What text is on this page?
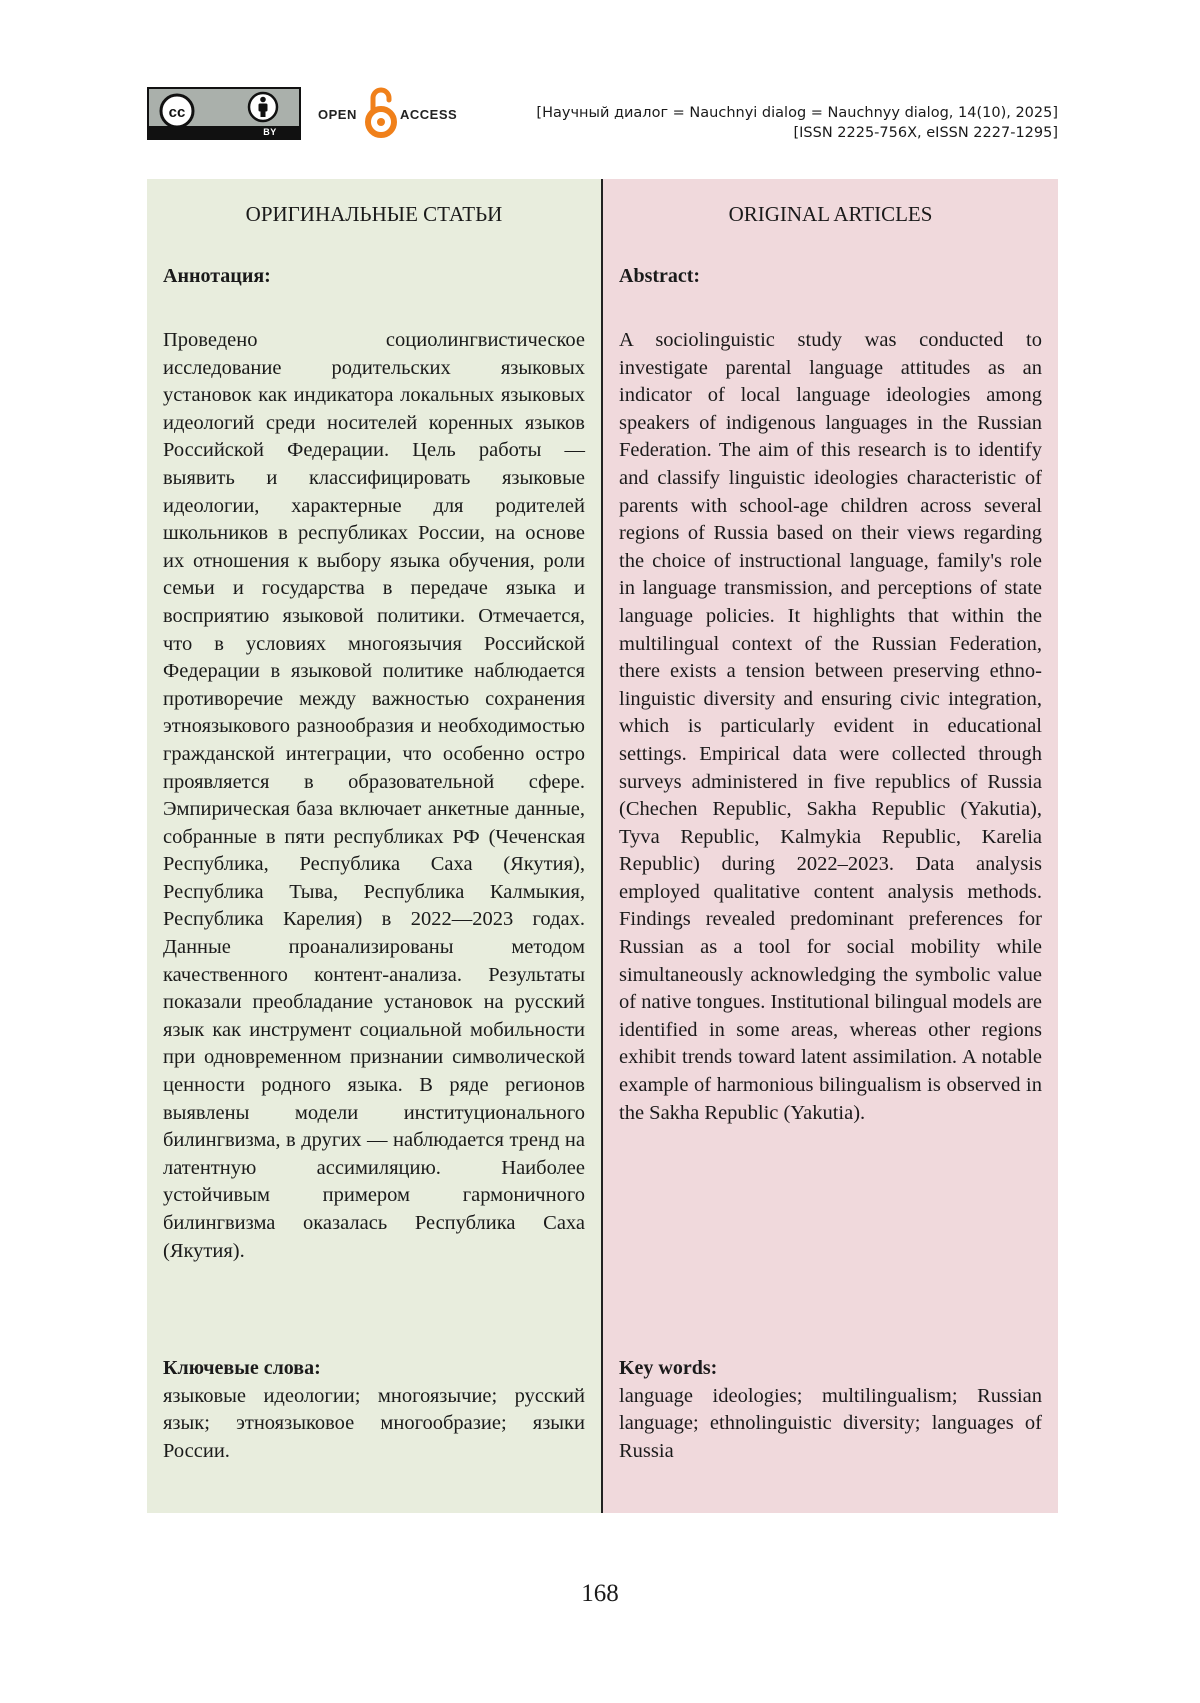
cc
BY
OPEN	ACCESS	[Научный диалог = Nauchnyi dialog = Nauchnyy dialog, 14(10), 2025]
[ISSN 2225-756X, eISSN 2227-1295]
ОРИГИНАЛЬНЫЕ СТАТЬИ
Аннотация:

Проведено социолингвистическое исследование родительских языковых установок как индикатора локальных языковых идеологий среди носителей коренных языков Российской Федерации. Цель работы — выявить и классифицировать языковые идеологии, характерные для родителей школьников в республиках России, на основе их отношения к выбору языка обучения, роли семьи и государства в передаче языка и восприятию языковой политики. Отмечается, что в условиях многоязычия Российской Федерации в языковой политике наблюдается противоречие между важностью сохранения этноязыкового разнообразия и необходимостью гражданской интеграции, что особенно остро проявляется в образовательной сфере. Эмпирическая база включает анкетные данные, собранные в пяти республиках РФ (Чеченская Республика, Республика Саха (Якутия), Республика Тыва, Республика Калмыкия, Республика Карелия) в 2022—2023 годах. Данные проанализированы методом качественного контент-анализа. Результаты показали преобладание установок на русский язык как инструмент социальной мобильности при одновременном признании символической ценности родного языка. В ряде регионов выявлены модели институционального билингвизма, в других — наблюдается тренд на латентную ассимиляцию. Наиболее устойчивым примером гармоничного билингвизма оказалась Республика Саха (Якутия).

Ключевые слова:
языковые идеологии; многоязычие; русский язык; этноязыковое многообразие; языки России.
ORIGINAL ARTICLES
Abstract:

A sociolinguistic study was conducted to investigate parental language attitudes as an indicator of local language ideologies among speakers of indigenous languages in the Russian Federation. The aim of this research is to identify and classify linguistic ideologies characteristic of parents with school-age children across several regions of Russia based on their views regarding the choice of instructional language, family's role in language transmission, and perceptions of state language policies. It highlights that within the multilingual context of the Russian Federation, there exists a tension between preserving ethno-linguistic diversity and ensuring civic integration, which is particularly evident in educational settings. Empirical data were collected through surveys administered in five republics of Russia (Chechen Republic, Sakha Republic (Yakutia), Tyva Republic, Kalmykia Republic, Karelia Republic) during 2022–2023. Data analysis employed qualitative content analysis methods. Findings revealed predominant preferences for Russian as a tool for social mobility while simultaneously acknowledging the symbolic value of native tongues. Institutional bilingual models are identified in some areas, whereas other regions exhibit trends toward latent assimilation. A notable example of harmonious bilingualism is observed in the Sakha Republic (Yakutia).

Key words:
language ideologies; multilingualism; Russian language; ethnolinguistic diversity; languages of Russia
168
